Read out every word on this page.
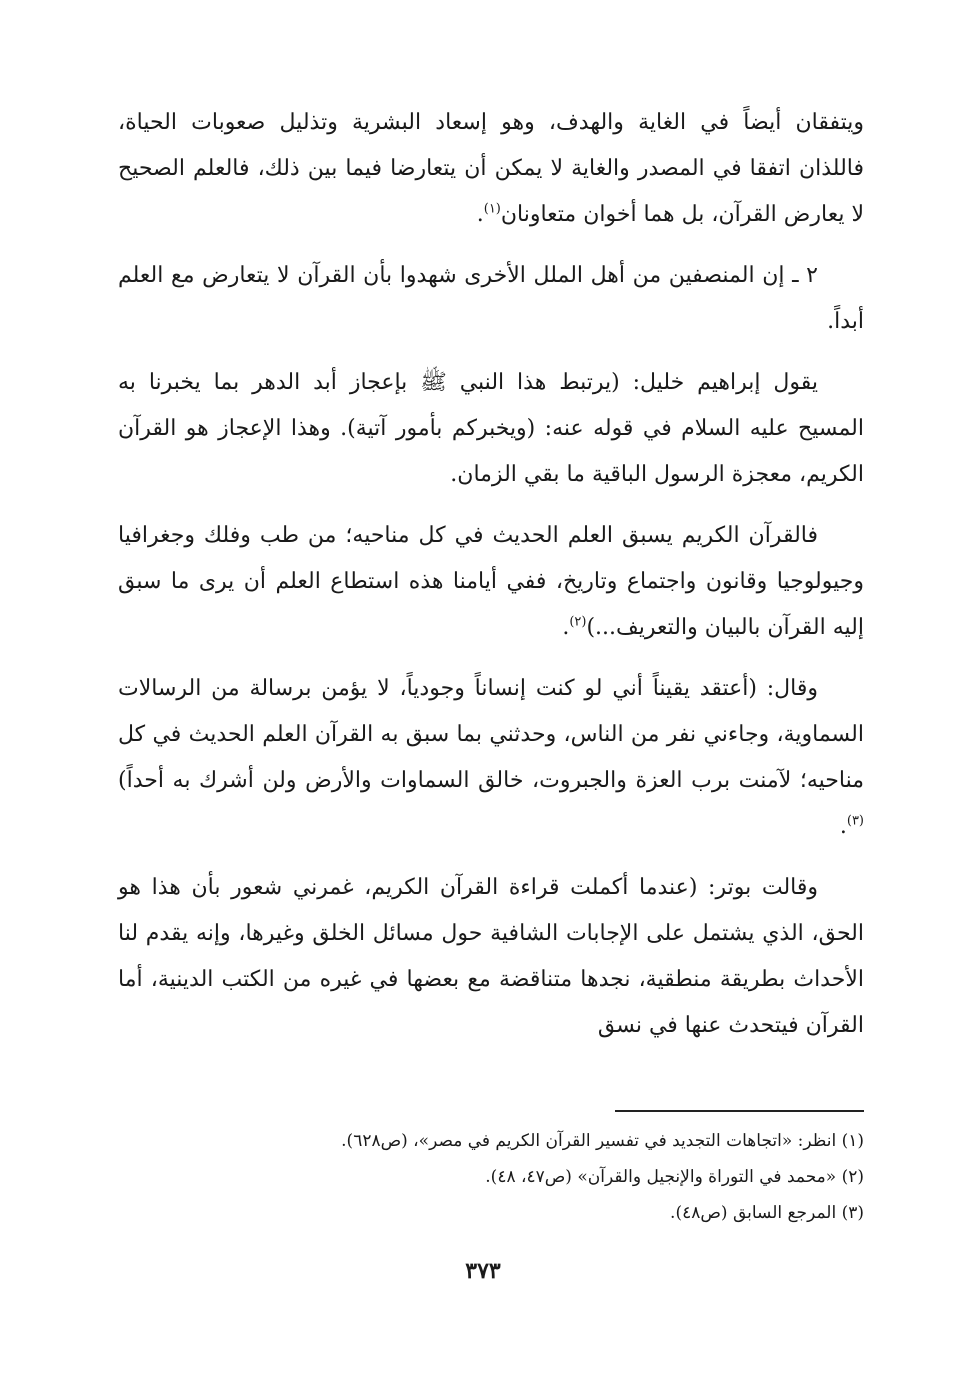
ويتفقان أيضاً في الغاية والهدف، وهو إسعاد البشرية وتذليل صعوبات الحياة، فاللذان اتفقا في المصدر والغاية لا يمكن أن يتعارضا فيما بين ذلك، فالعلم الصحيح لا يعارض القرآن، بل هما أخوان متعاونان$^{(١)}$.

٢ ـ إن المنصفين من أهل الملل الأخرى شهدوا بأن القرآن لا يتعارض مع العلم أبداً.

يقول إبراهيم خليل: (يرتبط هذا النبي ﷺ بإعجاز أبد الدهر بما يخبرنا به المسيح عليه السلام في قوله عنه: (ويخبركم بأمور آتية). وهذا الإعجاز هو القرآن الكريم، معجزة الرسول الباقية ما بقي الزمان.

فالقرآن الكريم يسبق العلم الحديث في كل مناحيه؛ من طب وفلك وجغرافيا وجيولوجيا وقانون واجتماع وتاريخ، ففي أيامنا هذه استطاع العلم أن يرى ما سبق إليه القرآن بالبيان والتعريف...)$^{(٢)}$.

وقال: (أعتقد يقيناً أني لو كنت إنساناً وجودياً، لا يؤمن برسالة من الرسالات السماوية، وجاءني نفر من الناس، وحدثني بما سبق به القرآن العلم الحديث في كل مناحيه؛ لآمنت برب العزة والجبروت، خالق السماوات والأرض ولن أشرك به أحداً)$^{(٣)}$.

وقالت بوتر: (عندما أكملت قراءة القرآن الكريم، غمرني شعور بأن هذا هو الحق، الذي يشتمل على الإجابات الشافية حول مسائل الخلق وغيرها، وإنه يقدم لنا الأحداث بطريقة منطقية، نجدها متناقضة مع بعضها في غيره من الكتب الدينية، أما القرآن فيتحدث عنها في نسق

(١) انظر: «اتجاهات التجديد في تفسير القرآن الكريم في مصر»، (ص٦٢٨).

(٢) «محمد في التوراة والإنجيل والقرآن» (ص٤٧، ٤٨).

(٣) المرجع السابق (ص٤٨).

٣٧٣
